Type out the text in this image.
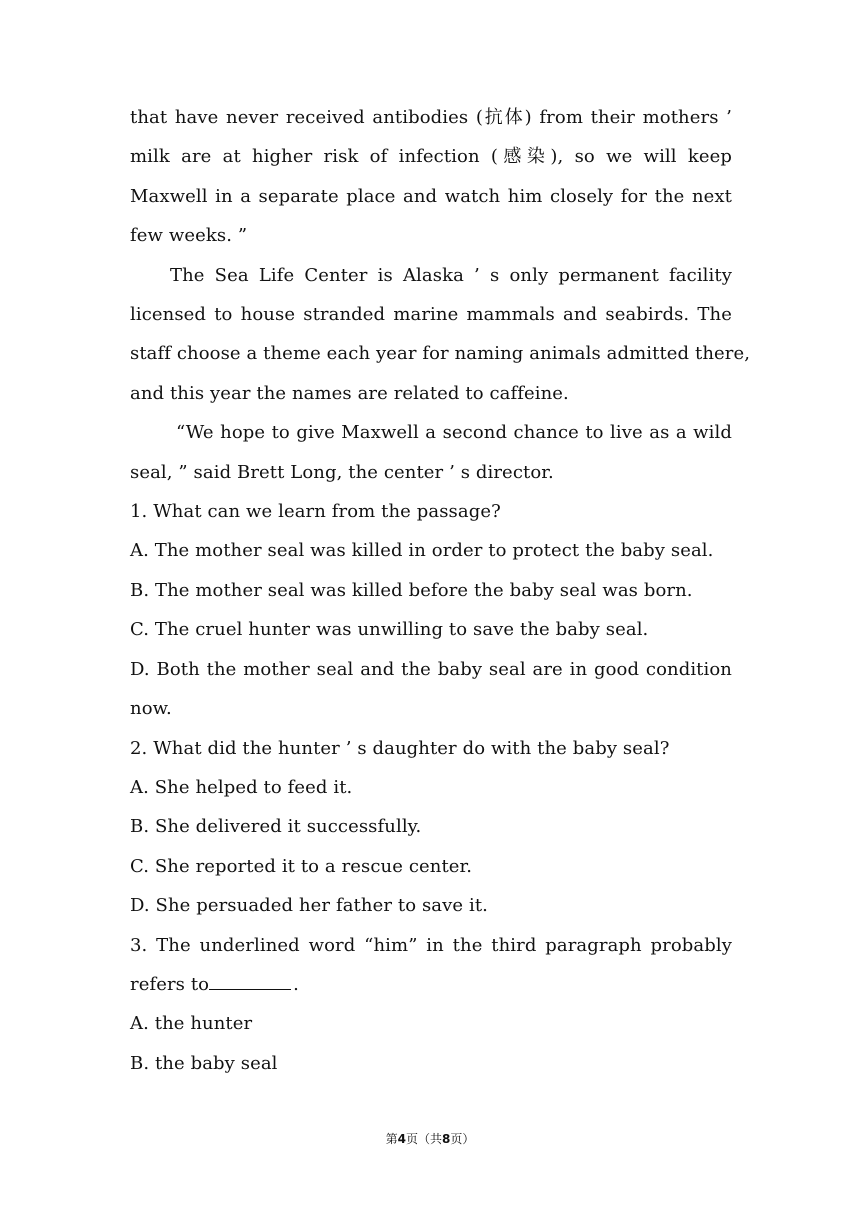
that have never received antibodies (抗体) from their mothers ’
milk are at higher risk of infection (感染), so we will keep
Maxwell in a separate place and watch him closely for the next
few weeks. ”
The Sea Life Center is Alaska ’ s only permanent facility
licensed to house stranded marine mammals and seabirds. The
staff choose a theme each year for naming animals admitted there,
and this year the names are related to caffeine.
“We hope to give Maxwell a second chance to live as a wild
seal, ” said Brett Long, the center ’ s director.
1. What can we learn from the passage?
A. The mother seal was killed in order to protect the baby seal.
B. The mother seal was killed before the baby seal was born.
C. The cruel hunter was unwilling to save the baby seal.
D. Both the mother seal and the baby seal are in good condition
now.
2. What did the hunter ’ s daughter do with the baby seal?
A. She helped to feed it.
B. She delivered it successfully.
C. She reported it to a rescue center.
D. She persuaded her father to save it.
3. The underlined word “him” in the third paragraph probably
refers to	.
A. the hunter
B. the baby seal
第4页（共8页）
